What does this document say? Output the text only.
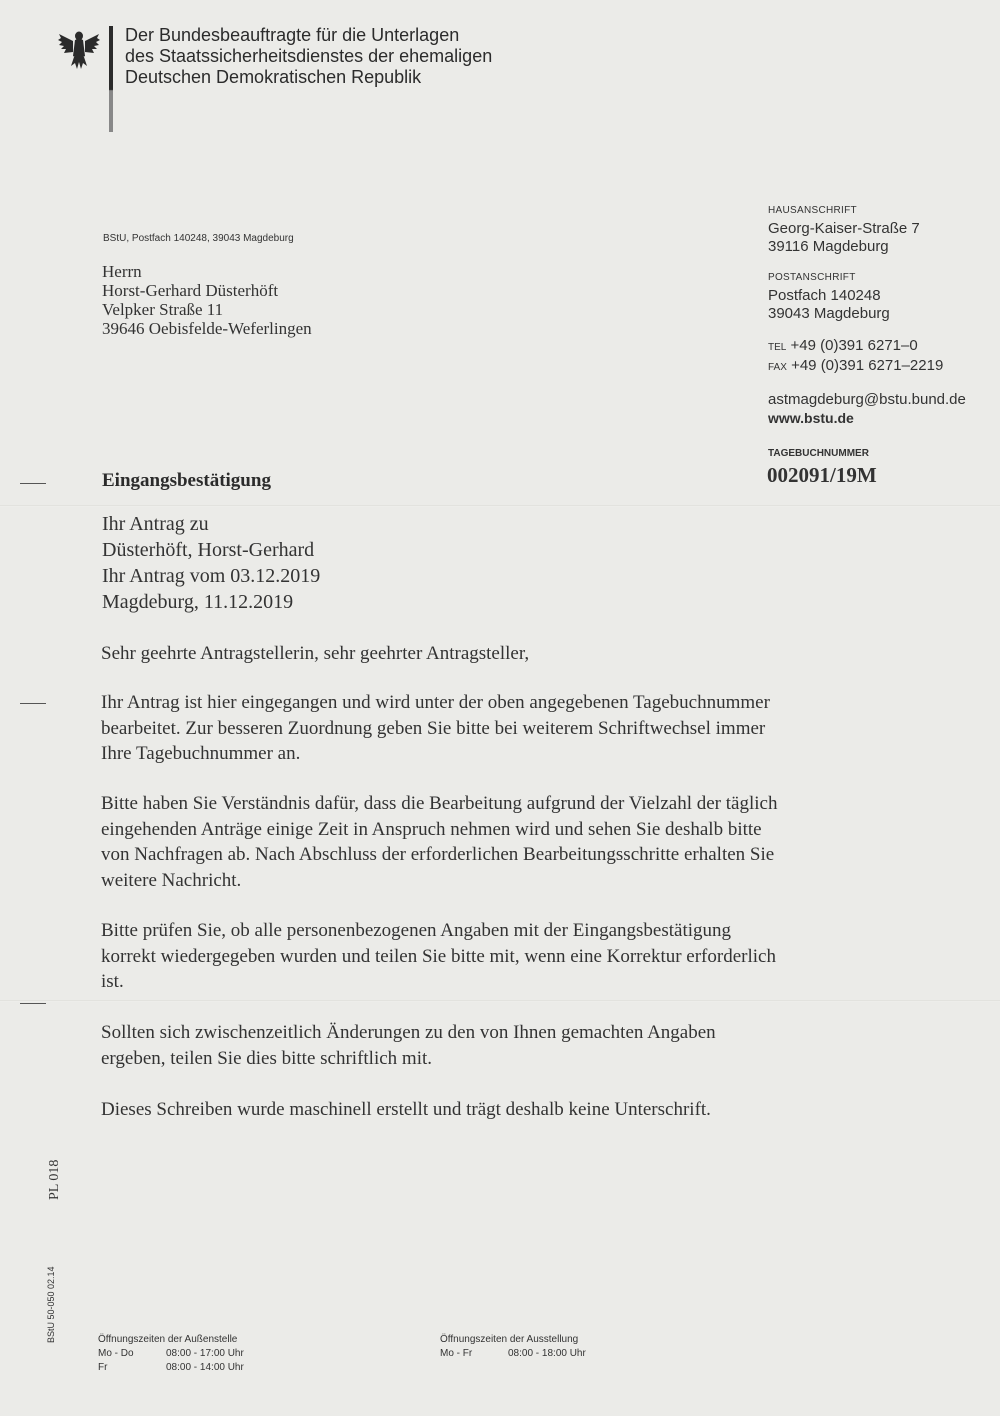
Der Bundesbeauftragte für die Unterlagen
des Staatssicherheitsdienstes der ehemaligen
Deutschen Demokratischen Republik
BStU, Postfach 140248, 39043 Magdeburg
Herrn
Horst-Gerhard Düsterhöft
Velpker Straße 11
39646 Oebisfelde-Weferlingen
HAUSANSCHRIFT
Georg-Kaiser-Straße 7
39116 Magdeburg
POSTANSCHRIFT
Postfach 140248
39043 Magdeburg
TEL +49 (0)391 6271–0
FAX +49 (0)391 6271–2219
astmagdeburg@bstu.bund.de
www.bstu.de
TAGEBUCHNUMMER
002091/19M
Eingangsbestätigung
Ihr Antrag zu
Düsterhöft, Horst-Gerhard
Ihr Antrag vom 03.12.2019
Magdeburg, 11.12.2019
Sehr geehrte Antragstellerin, sehr geehrter Antragsteller,

Ihr Antrag ist hier eingegangen und wird unter der oben angegebenen Tagebuchnummer bearbeitet. Zur besseren Zuordnung geben Sie bitte bei weiterem Schriftwechsel immer Ihre Tagebuchnummer an.

Bitte haben Sie Verständnis dafür, dass die Bearbeitung aufgrund der Vielzahl der täglich eingehenden Anträge einige Zeit in Anspruch nehmen wird und sehen Sie deshalb bitte von Nachfragen ab. Nach Abschluss der erforderlichen Bearbeitungsschritte erhalten Sie weitere Nachricht.

Bitte prüfen Sie, ob alle personenbezogenen Angaben mit der Eingangsbestätigung korrekt wiedergegeben wurden und teilen Sie bitte mit, wenn eine Korrektur erforderlich ist.

Sollten sich zwischenzeitlich Änderungen zu den von Ihnen gemachten Angaben ergeben, teilen Sie dies bitte schriftlich mit.

Dieses Schreiben wurde maschinell erstellt und trägt deshalb keine Unterschrift.

PL 018
BStU 50-050 02.14	Öffnungszeiten der Außenstelle
Mo - Do	08:00 - 17:00 Uhr
Fr	08:00 - 14:00 Uhr
Öffnungszeiten der Ausstellung
Mo - Fr	08:00 - 18:00 Uhr
